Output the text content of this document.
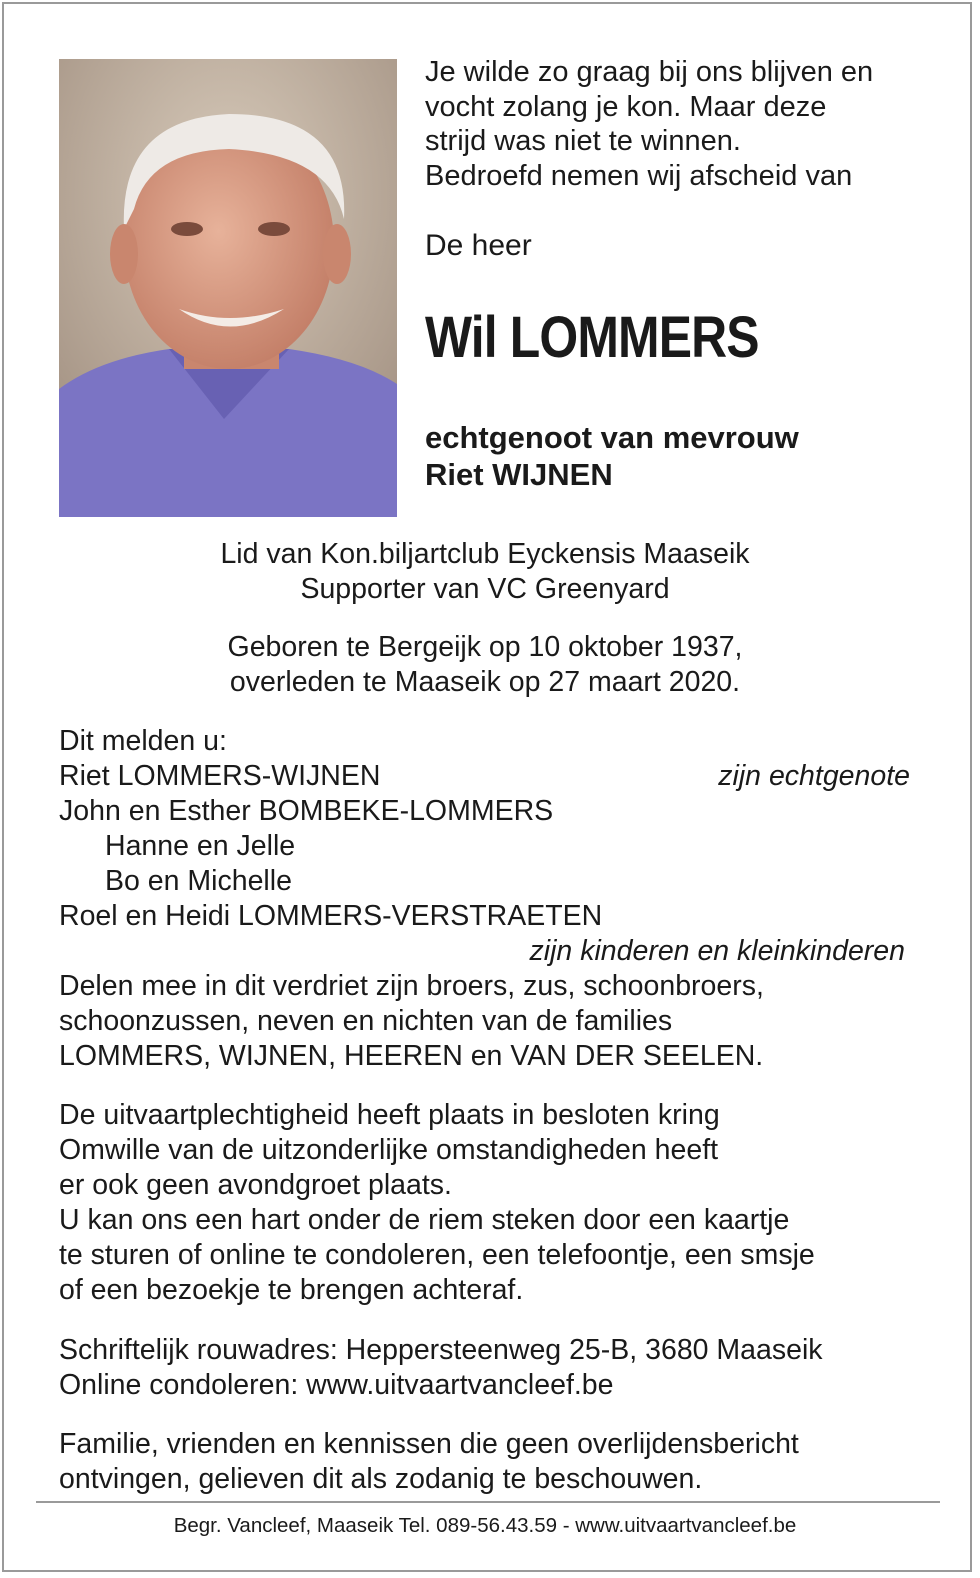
Je wilde zo graag bij ons blijven en
vocht zolang je kon. Maar deze
strijd was niet te winnen.
Bedroefd nemen wij afscheid van
De heer
Wil LOMMERS
echtgenoot van mevrouw
Riet WIJNEN
Lid van Kon.biljartclub Eyckensis Maaseik
Supporter van VC Greenyard
Geboren te Bergeijk op 10 oktober 1937,
overleden te Maaseik op 27 maart 2020.
Dit melden u:
Riet LOMMERS-WIJNEN	zijn echtgenote
John en Esther BOMBEKE-LOMMERS
Hanne en Jelle
Bo en Michelle
Roel en Heidi LOMMERS-VERSTRAETEN
zijn kinderen en kleinkinderen
Delen mee in dit verdriet zijn broers, zus, schoonbroers,
schoonzussen, neven en nichten van de families
LOMMERS, WIJNEN, HEEREN en VAN DER SEELEN.
De uitvaartplechtigheid heeft plaats in besloten kring
Omwille van de uitzonderlijke omstandigheden heeft
er ook geen avondgroet plaats.
U kan ons een hart onder de riem steken door een kaartje
te sturen of online te condoleren, een telefoontje, een smsje
of een bezoekje te brengen achteraf.
Schriftelijk rouwadres: Heppersteenweg 25-B, 3680 Maaseik
Online condoleren: www.uitvaartvancleef.be
Familie, vrienden en kennissen die geen overlijdensbericht
ontvingen, gelieven dit als zodanig te beschouwen.
Begr. Vancleef, Maaseik Tel. 089-56.43.59 - www.uitvaartvancleef.be
